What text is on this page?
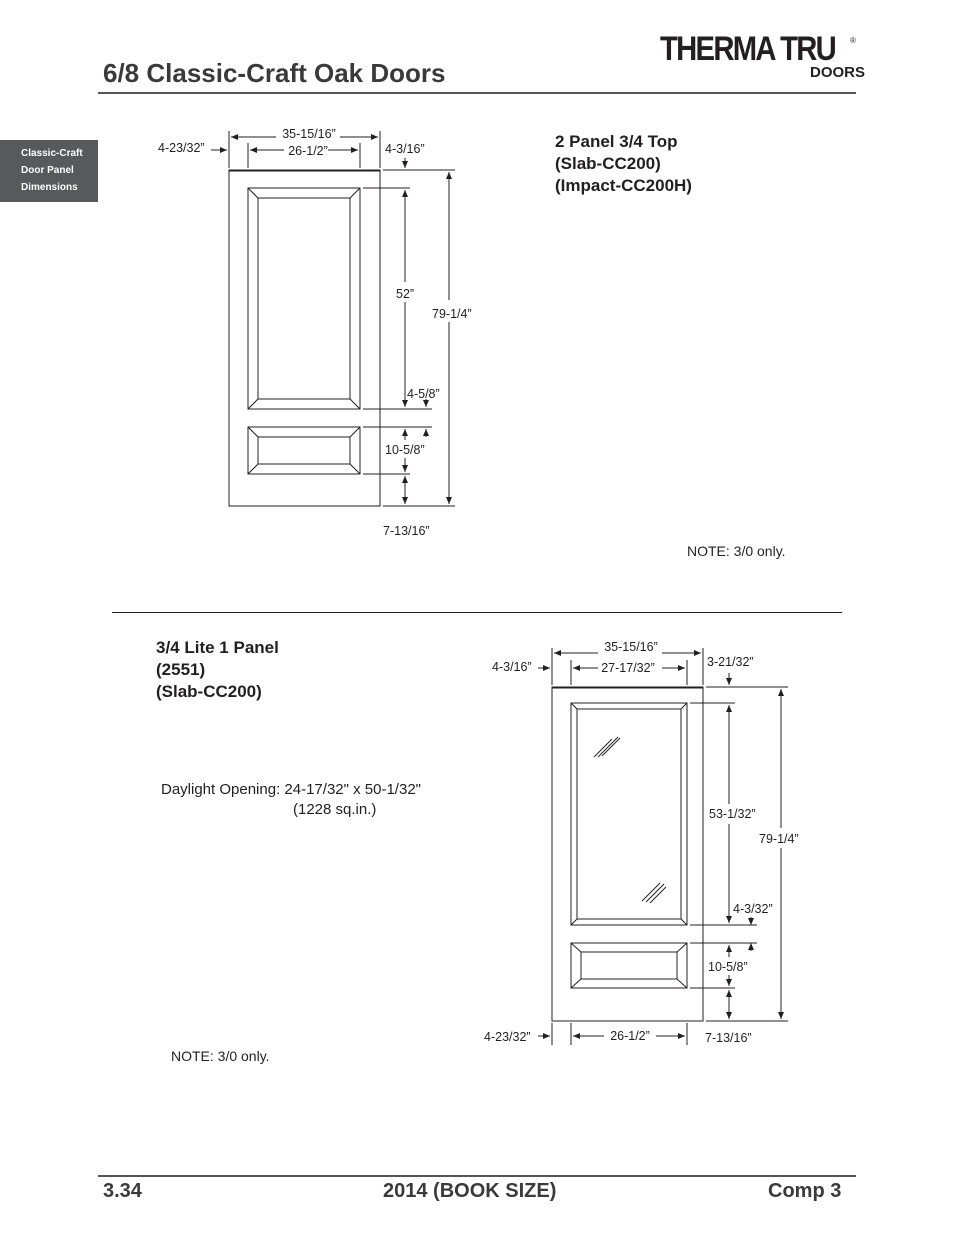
6/8 Classic-Craft Oak Doors
THERMA TRU ®
DOORS
Classic-Craft
Door Panel
Dimensions
2 Panel 3/4 Top
(Slab-CC200)
(Impact-CC200H)
NOTE: 3/0 only.
3/4 Lite 1 Panel
(2551)
(Slab-CC200)
Daylight Opening: 24-17/32" x 50-1/32"
(1228 sq.in.)
NOTE: 3/0 only.
35-15/16”
26-1/2”
4-23/32”	4-3/16”
52”
79-1/4”
4-5/8”
10-5/8”
7-13/16”
35-15/16”
27-17/32”
4-3/16”	3-21/32”
53-1/32”
79-1/4”
4-3/32”
10-5/8”
7-13/16”
4-23/32”	26-1/2”
3.34	2014 (BOOK SIZE)	Comp 3
